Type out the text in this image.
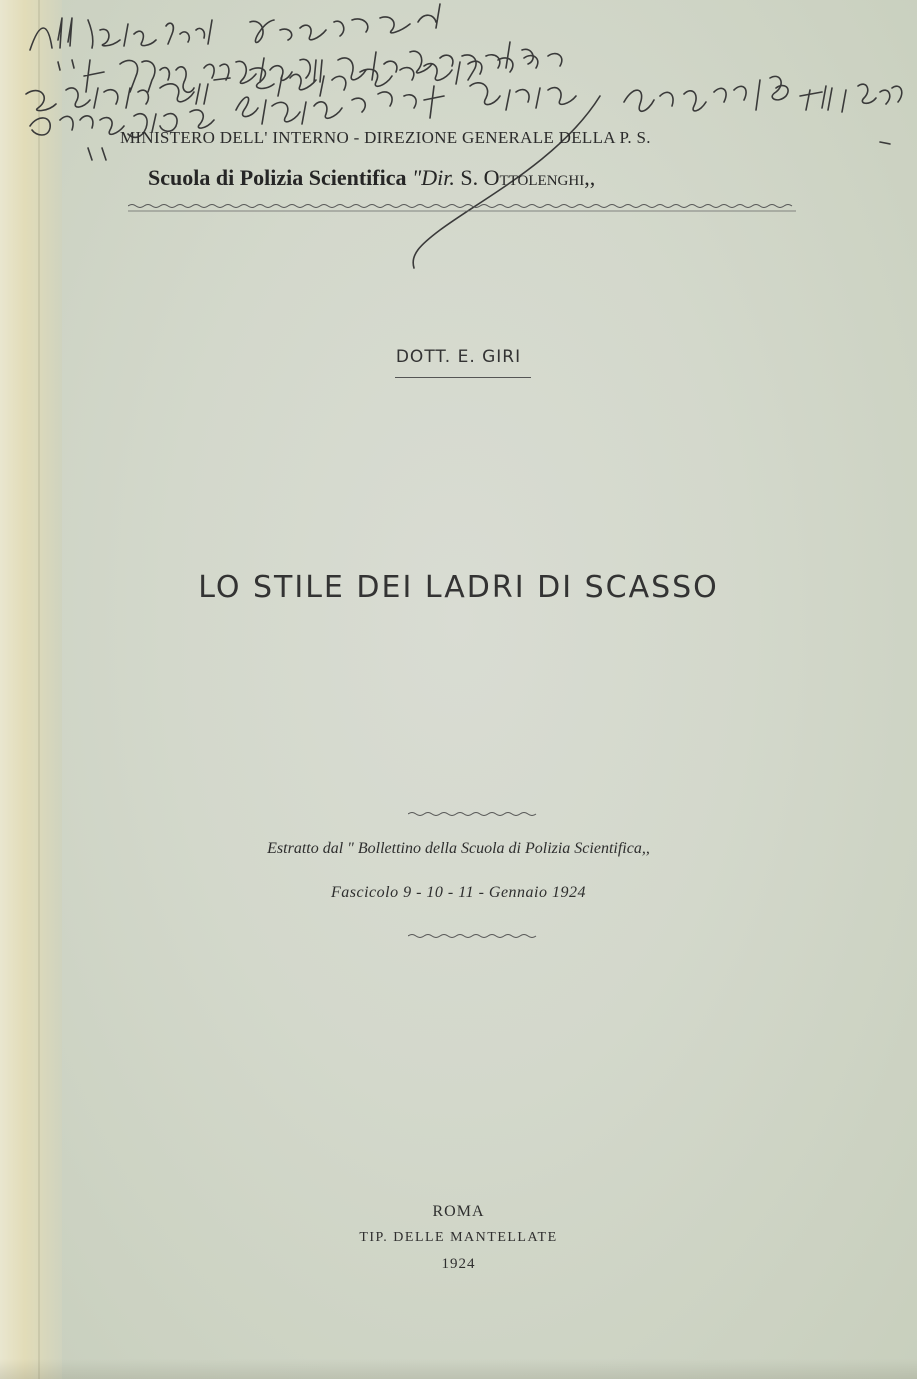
MINISTERO DELL' INTERNO - DIREZIONE GENERALE DELLA P. S.
Scuola di Polizia Scientifica "Dir. S. Ottolenghi,,
DOTT. E. GIRI
LO STILE DEI LADRI DI SCASSO
Estratto dal " Bollettino della Scuola di Polizia Scientifica,,
Fascicolo 9 - 10 - 11 - Gennaio 1924
ROMA
TIP. DELLE MANTELLATE
1924
